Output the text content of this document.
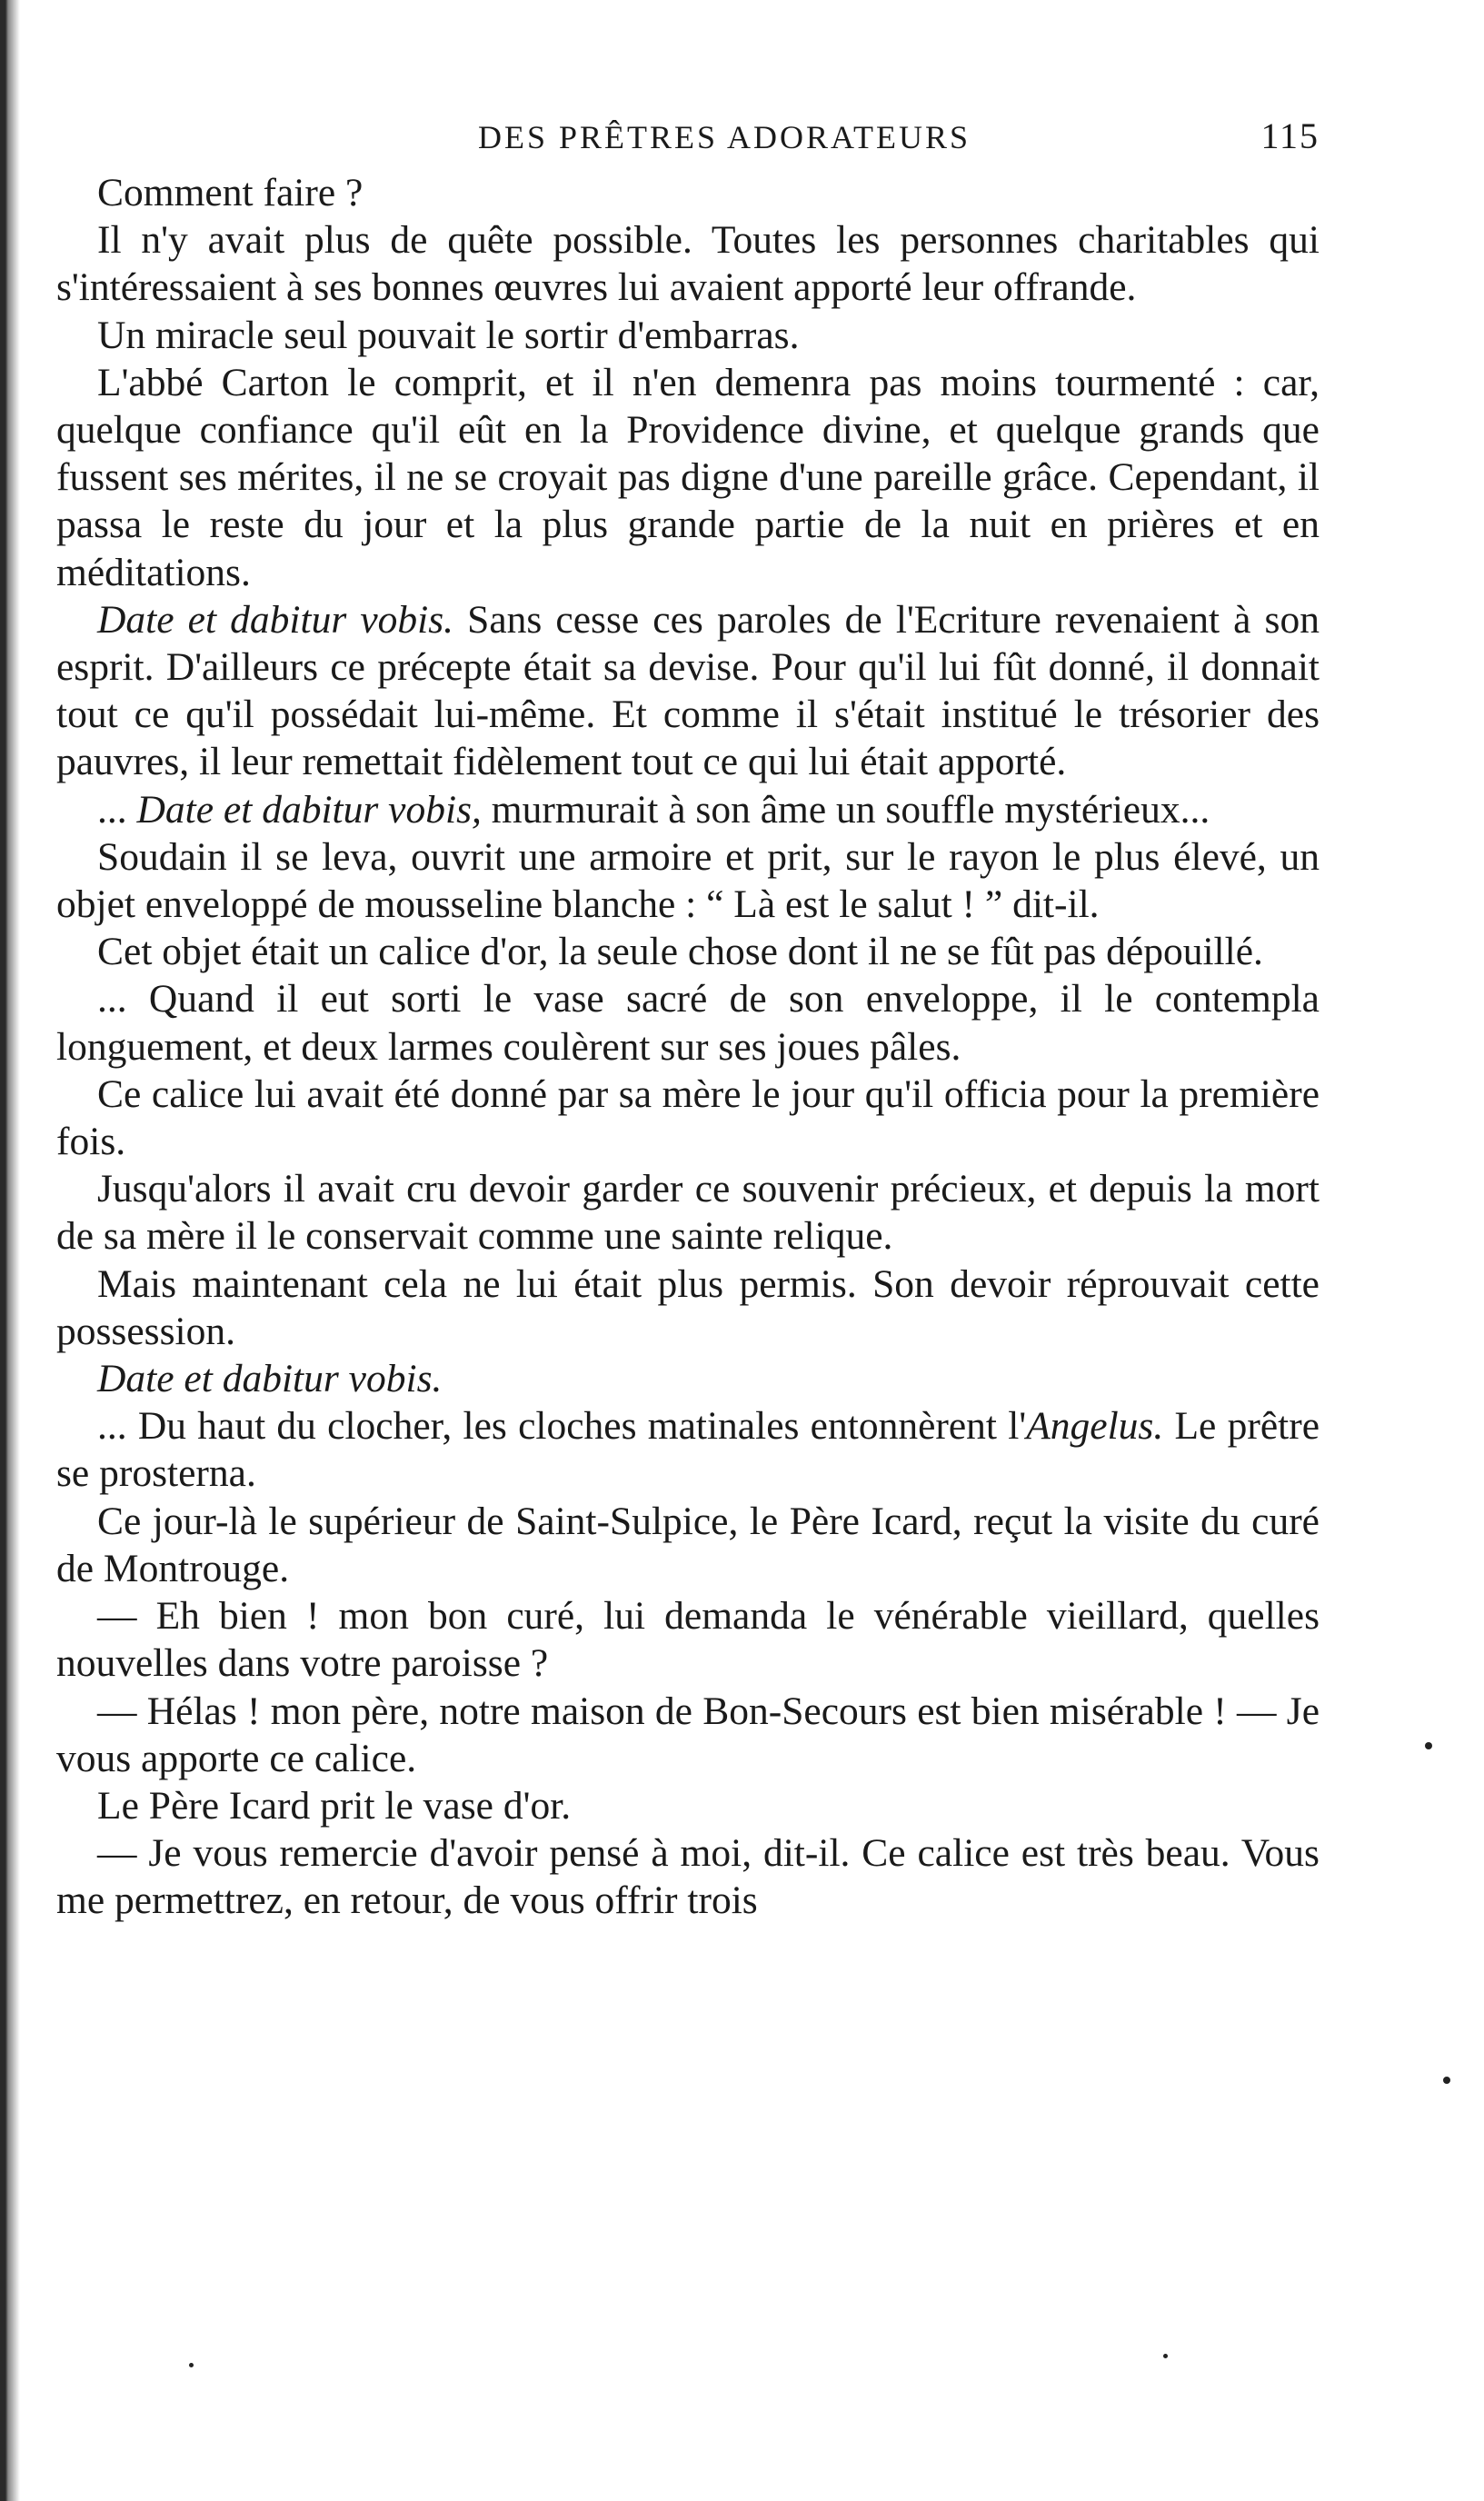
DES PRÊTRES ADORATEURS	115

Comment faire ?

Il n'y avait plus de quête possible. Toutes les personnes charitables qui s'intéressaient à ses bonnes œuvres lui avaient apporté leur offrande.

Un miracle seul pouvait le sortir d'embarras.

L'abbé Carton le comprit, et il n'en demenra pas moins tourmenté : car, quelque confiance qu'il eût en la Providence divine, et quelque grands que fussent ses mérites, il ne se croyait pas digne d'une pareille grâce. Cependant, il passa le reste du jour et la plus grande partie de la nuit en prières et en méditations.

Date et dabitur vobis. Sans cesse ces paroles de l'Ecriture revenaient à son esprit. D'ailleurs ce précepte était sa devise. Pour qu'il lui fût donné, il donnait tout ce qu'il possédait lui-même. Et comme il s'était institué le trésorier des pauvres, il leur remettait fidèlement tout ce qui lui était apporté.

... Date et dabitur vobis, murmurait à son âme un souffle mystérieux...

Soudain il se leva, ouvrit une armoire et prit, sur le rayon le plus élevé, un objet enveloppé de mousseline blanche : “ Là est le salut ! ” dit-il.

Cet objet était un calice d'or, la seule chose dont il ne se fût pas dépouillé.

... Quand il eut sorti le vase sacré de son enveloppe, il le contempla longuement, et deux larmes coulèrent sur ses joues pâles.

Ce calice lui avait été donné par sa mère le jour qu'il officia pour la première fois.

Jusqu'alors il avait cru devoir garder ce souvenir précieux, et depuis la mort de sa mère il le conservait comme une sainte relique.

Mais maintenant cela ne lui était plus permis. Son devoir réprouvait cette possession.

Date et dabitur vobis.

... Du haut du clocher, les cloches matinales entonnèrent l'Angelus. Le prêtre se prosterna.

Ce jour-là le supérieur de Saint-Sulpice, le Père Icard, reçut la visite du curé de Montrouge.

— Eh bien ! mon bon curé, lui demanda le vénérable vieillard, quelles nouvelles dans votre paroisse ?

— Hélas ! mon père, notre maison de Bon-Secours est bien misérable ! — Je vous apporte ce calice.

Le Père Icard prit le vase d'or.

— Je vous remercie d'avoir pensé à moi, dit-il. Ce calice est très beau. Vous me permettrez, en retour, de vous offrir trois
